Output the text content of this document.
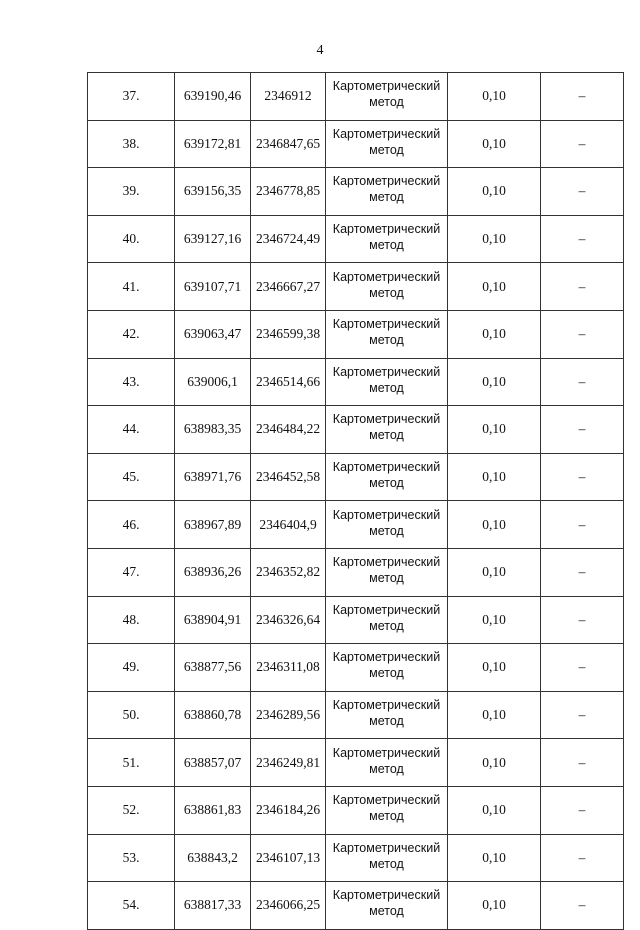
4
37.	639190,46	2346912	Картометрический
метод	0,10	–
38.	639172,81	2346847,65	Картометрический
метод	0,10	–
39.	639156,35	2346778,85	Картометрический
метод	0,10	–
40.	639127,16	2346724,49	Картометрический
метод	0,10	–
41.	639107,71	2346667,27	Картометрический
метод	0,10	–
42.	639063,47	2346599,38	Картометрический
метод	0,10	–
43.	639006,1	2346514,66	Картометрический
метод	0,10	–
44.	638983,35	2346484,22	Картометрический
метод	0,10	–
45.	638971,76	2346452,58	Картометрический
метод	0,10	–
46.	638967,89	2346404,9	Картометрический
метод	0,10	–
47.	638936,26	2346352,82	Картометрический
метод	0,10	–
48.	638904,91	2346326,64	Картометрический
метод	0,10	–
49.	638877,56	2346311,08	Картометрический
метод	0,10	–
50.	638860,78	2346289,56	Картометрический
метод	0,10	–
51.	638857,07	2346249,81	Картометрический
метод	0,10	–
52.	638861,83	2346184,26	Картометрический
метод	0,10	–
53.	638843,2	2346107,13	Картометрический
метод	0,10	–
54.	638817,33	2346066,25	Картометрический
метод	0,10	–
